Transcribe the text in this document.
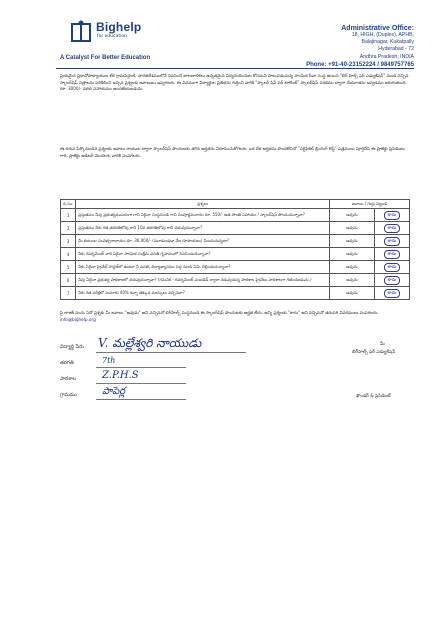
Bighelp
for education
A Catalyst For Better Education
Administrative Office:
18, HIGH, (Duplex), APHB,
Balajinagar, Kukatpally
Hyderabad - 72
Andhra Pradesh, INDIA
Phone: +91-40-23152224 / 9849757765
ప్రియమైన ప్రధానోపాధ్యాయుల లేక గ్రామపెద్దలకి, భారతదేశములోనే నివసించే బాలబాలికలు ఉన్నతమైన విద్యనందించుట కోసమని పాటుపడుచున్న సాంఘిక సేవా సంస్థ అయిన "బిగ్ హెల్ప్ ఫర్ ఎడ్యుకేషన్" నుండి వచ్చిన స్కాలర్‌షిప్ పత్రాలను పరిశీలించి ఇచ్చిన ప్రశ్నలకు జవాబులు ఇవ్వగలరు. ఈ విధముగా విద్యార్థుల ప్రతిభను గుర్తించి వారికి "స్కాలర్ షిప్ ఫర్ టాలెంట్" స్కాలర్‌షిప్ పథకము ద్వారా చేయూతను ఇవ్వడము జరుగుతుంది. రూ. 3000/- వరకు సహాయము అందజేయబడును.
ఈ దిగువ పేర్కొనబడిన ప్రశ్నలకు జవాబు రాయుట ద్వారా స్కాలర్‌షిప్ పొందుటకు తగిన అర్హతను నిరూపించుకోగలరు. ఒక వేళ అర్హతను పొందలేనిచో "సర్టిఫికెట్ బ్రింగింగ్ లెస్ట్" పత్రములు పూర్తిచేసి ఈ ప్రాజెక్టు ప్రెసిడెంటు గారి, ప్రాజెక్టు ఆడిటర్ మొదలగు వారికి పంపగలరు.
వ.సం.	ప్రశ్నలు	జవాబు / గుర్తు పెట్టండి	
1	ప్రస్తుతము నీవు ప్రభుత్వముపరంగా గాని ఏదైనా సంస్థనుండి గాని సంపూర్ణముగాను రూ. 550/- ఉత సొంతి సహాయం / స్కాలర్‌షిప్ పొందుచున్నావా?	అవును	కాదు
2	ప్రస్తుతము నీకు గత తరగతిలోవు గాని 10వ తరగతిలోవు గాని చదువుచున్నావా?	అవును	కాదు
3	మీ కుటుంబ సంవత్సరాదాయం రూ. 36,000/- (మూడుండడా వేల రూపాయలు) మించుచున్నదా?	అవును	కాదు
4	నీకు గవర్నమెంట్ వారి ఏదైనా సాంఘిక సంక్షేమ వసతి గృహములో నివసించుచున్నావా?	అవును	కాదు
5	నీకు ఏదైనా ప్రైవేట్ హాస్టల్‌లో ఉంటూ నీ వసతి, విద్యాభ్యాసము పెద్ద నుండి ఏమి చెల్లించుచున్నావా?	అవును	కాదు
6	నీవు ఏదైనా ప్రభుత్వ పాఠశాలలో చదువుచున్నావా? (గమనిక - గవర్నమెంట్ ఎయిడెడ్ ద్వారా నడుపుచున్న పాఠశాల ప్రైవేటు పాఠశాలగా గణించబడును.)	అవును	కాదు
7	నీకు గత పరీక్షలో సుమారు 40% కన్నా తక్కువ మార్కులు వచ్చినవా?	అవును	కాదు
పై లాజిక్ నందు ఏదో ప్రశ్నకు మీ జవాబు "అవును" అని వచ్చినచో బిగ్‌హెల్ప్ సంస్థనుండి ఈ స్కాలర్‌షిప్ పొందుటకు అర్హత లేదు. అన్ని ప్రశ్నలకు "కాదు" అని వచ్చినచో తదుపరి వివరములు పంపగలరు. info@bighelp.org
విద్యార్థి పేరు V. మల్లేశ్వరి నాయుడు
తరగతి	7th
పాఠశాల	Z.P.H.S
గ్రామము	పాపెర్ల
మీ
బిగ్‌హెల్ప్ ఫర్ ఎడ్యుకేషన్
ఫౌండర్ & ప్రెసిడెంట్
